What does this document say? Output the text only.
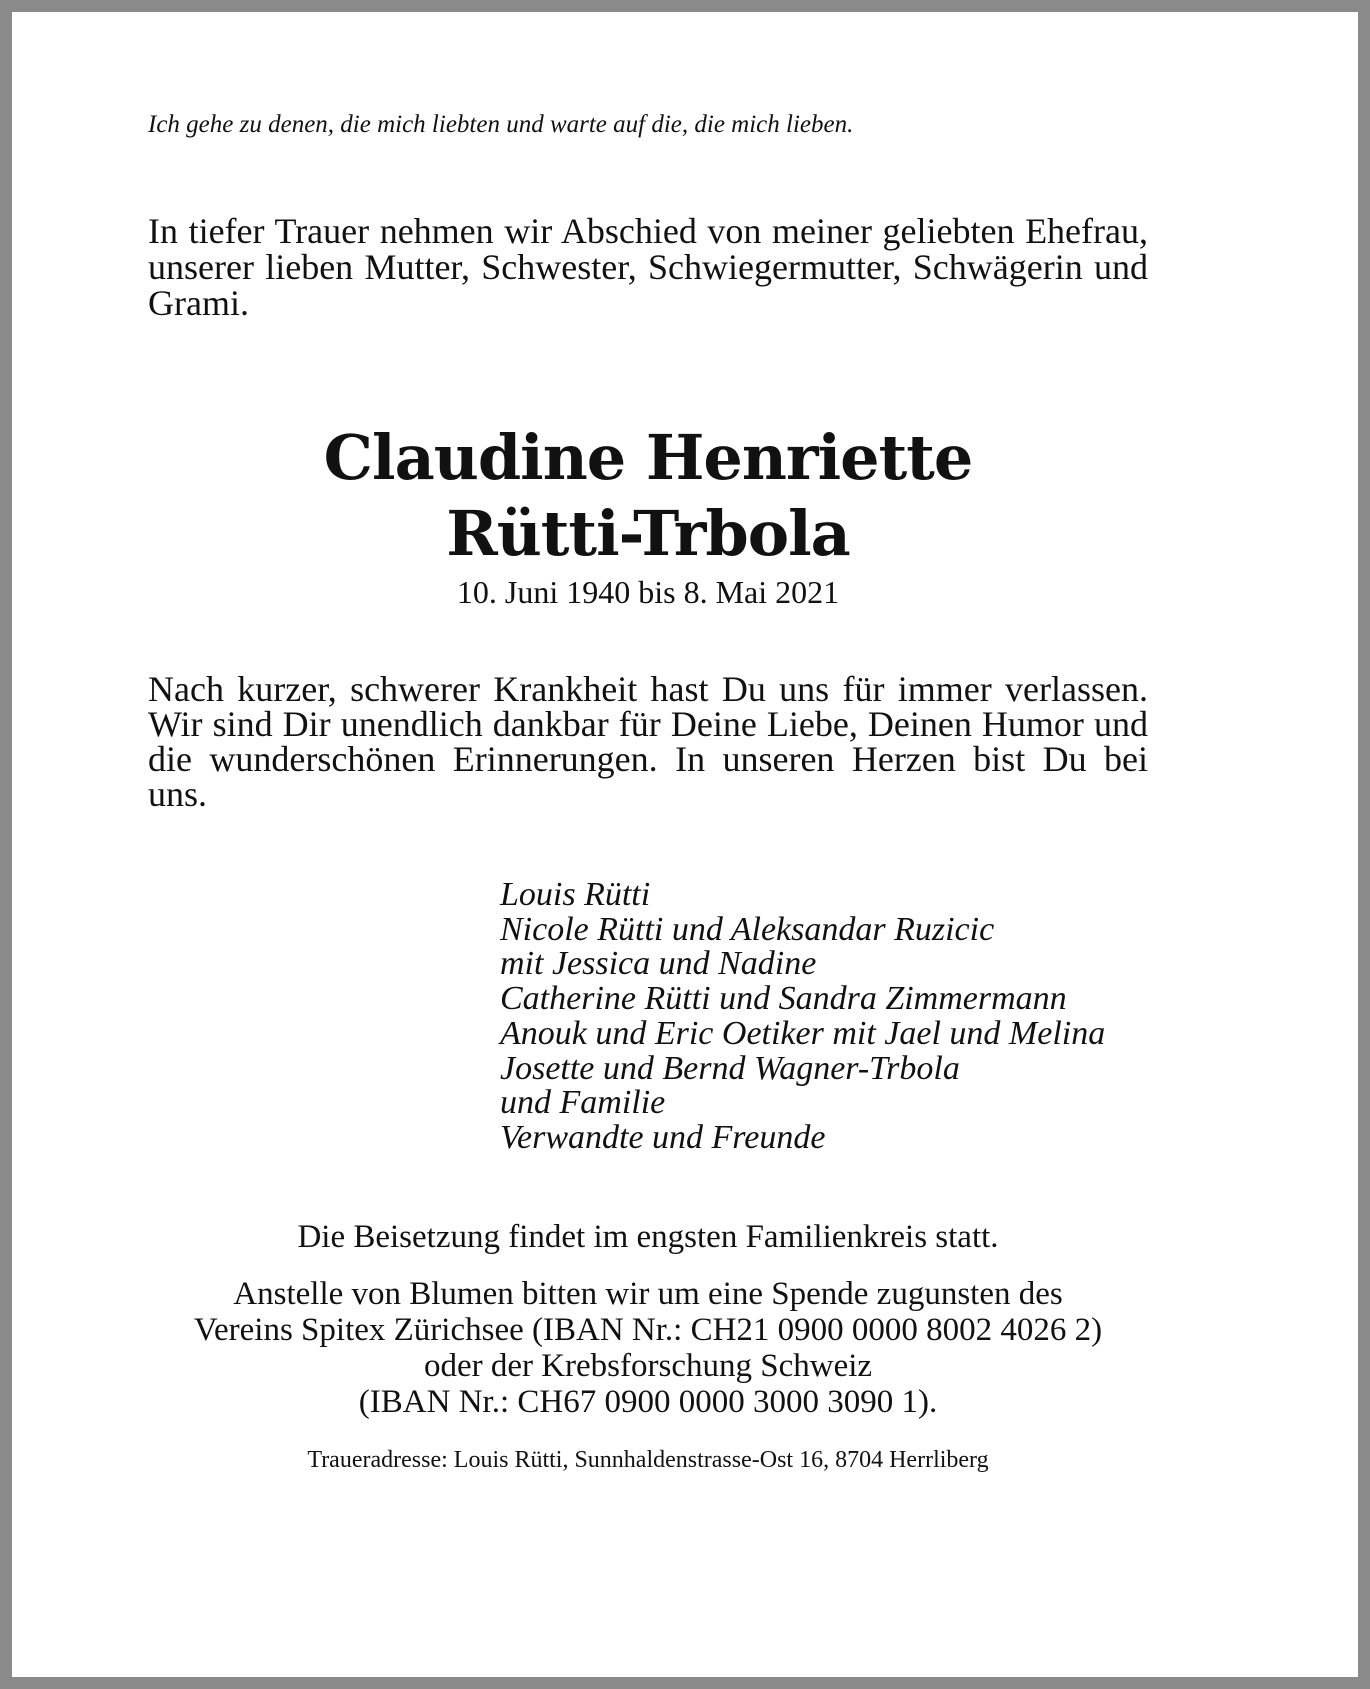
Ich gehe zu denen, die mich liebten und warte auf die, die mich lieben.

In tiefer Trauer nehmen wir Abschied von meiner geliebten Ehefrau, unserer lieben Mutter, Schwester, Schwiegermutter, Schwägerin und Grami.

Claudine Henriette
Rütti-Trbola

10. Juni 1940 bis 8. Mai 2021

Nach kurzer, schwerer Krankheit hast Du uns für immer verlassen. Wir sind Dir unendlich dankbar für Deine Liebe, Deinen Humor und die wunderschönen Erinnerungen. In unseren Herzen bist Du bei uns.

Louis Rütti
Nicole Rütti und Aleksandar Ruzicic
mit Jessica und Nadine
Catherine Rütti und Sandra Zimmermann
Anouk und Eric Oetiker mit Jael und Melina
Josette und Bernd Wagner-Trbola
und Familie
Verwandte und Freunde

Die Beisetzung findet im engsten Familienkreis statt.

Anstelle von Blumen bitten wir um eine Spende zugunsten des
Vereins Spitex Zürichsee (IBAN Nr.: CH21 0900 0000 8002 4026 2)
oder der Krebsforschung Schweiz
(IBAN Nr.: CH67 0900 0000 3000 3090 1).

Traueradresse: Louis Rütti, Sunnhaldenstrasse-Ost 16, 8704 Herrliberg
